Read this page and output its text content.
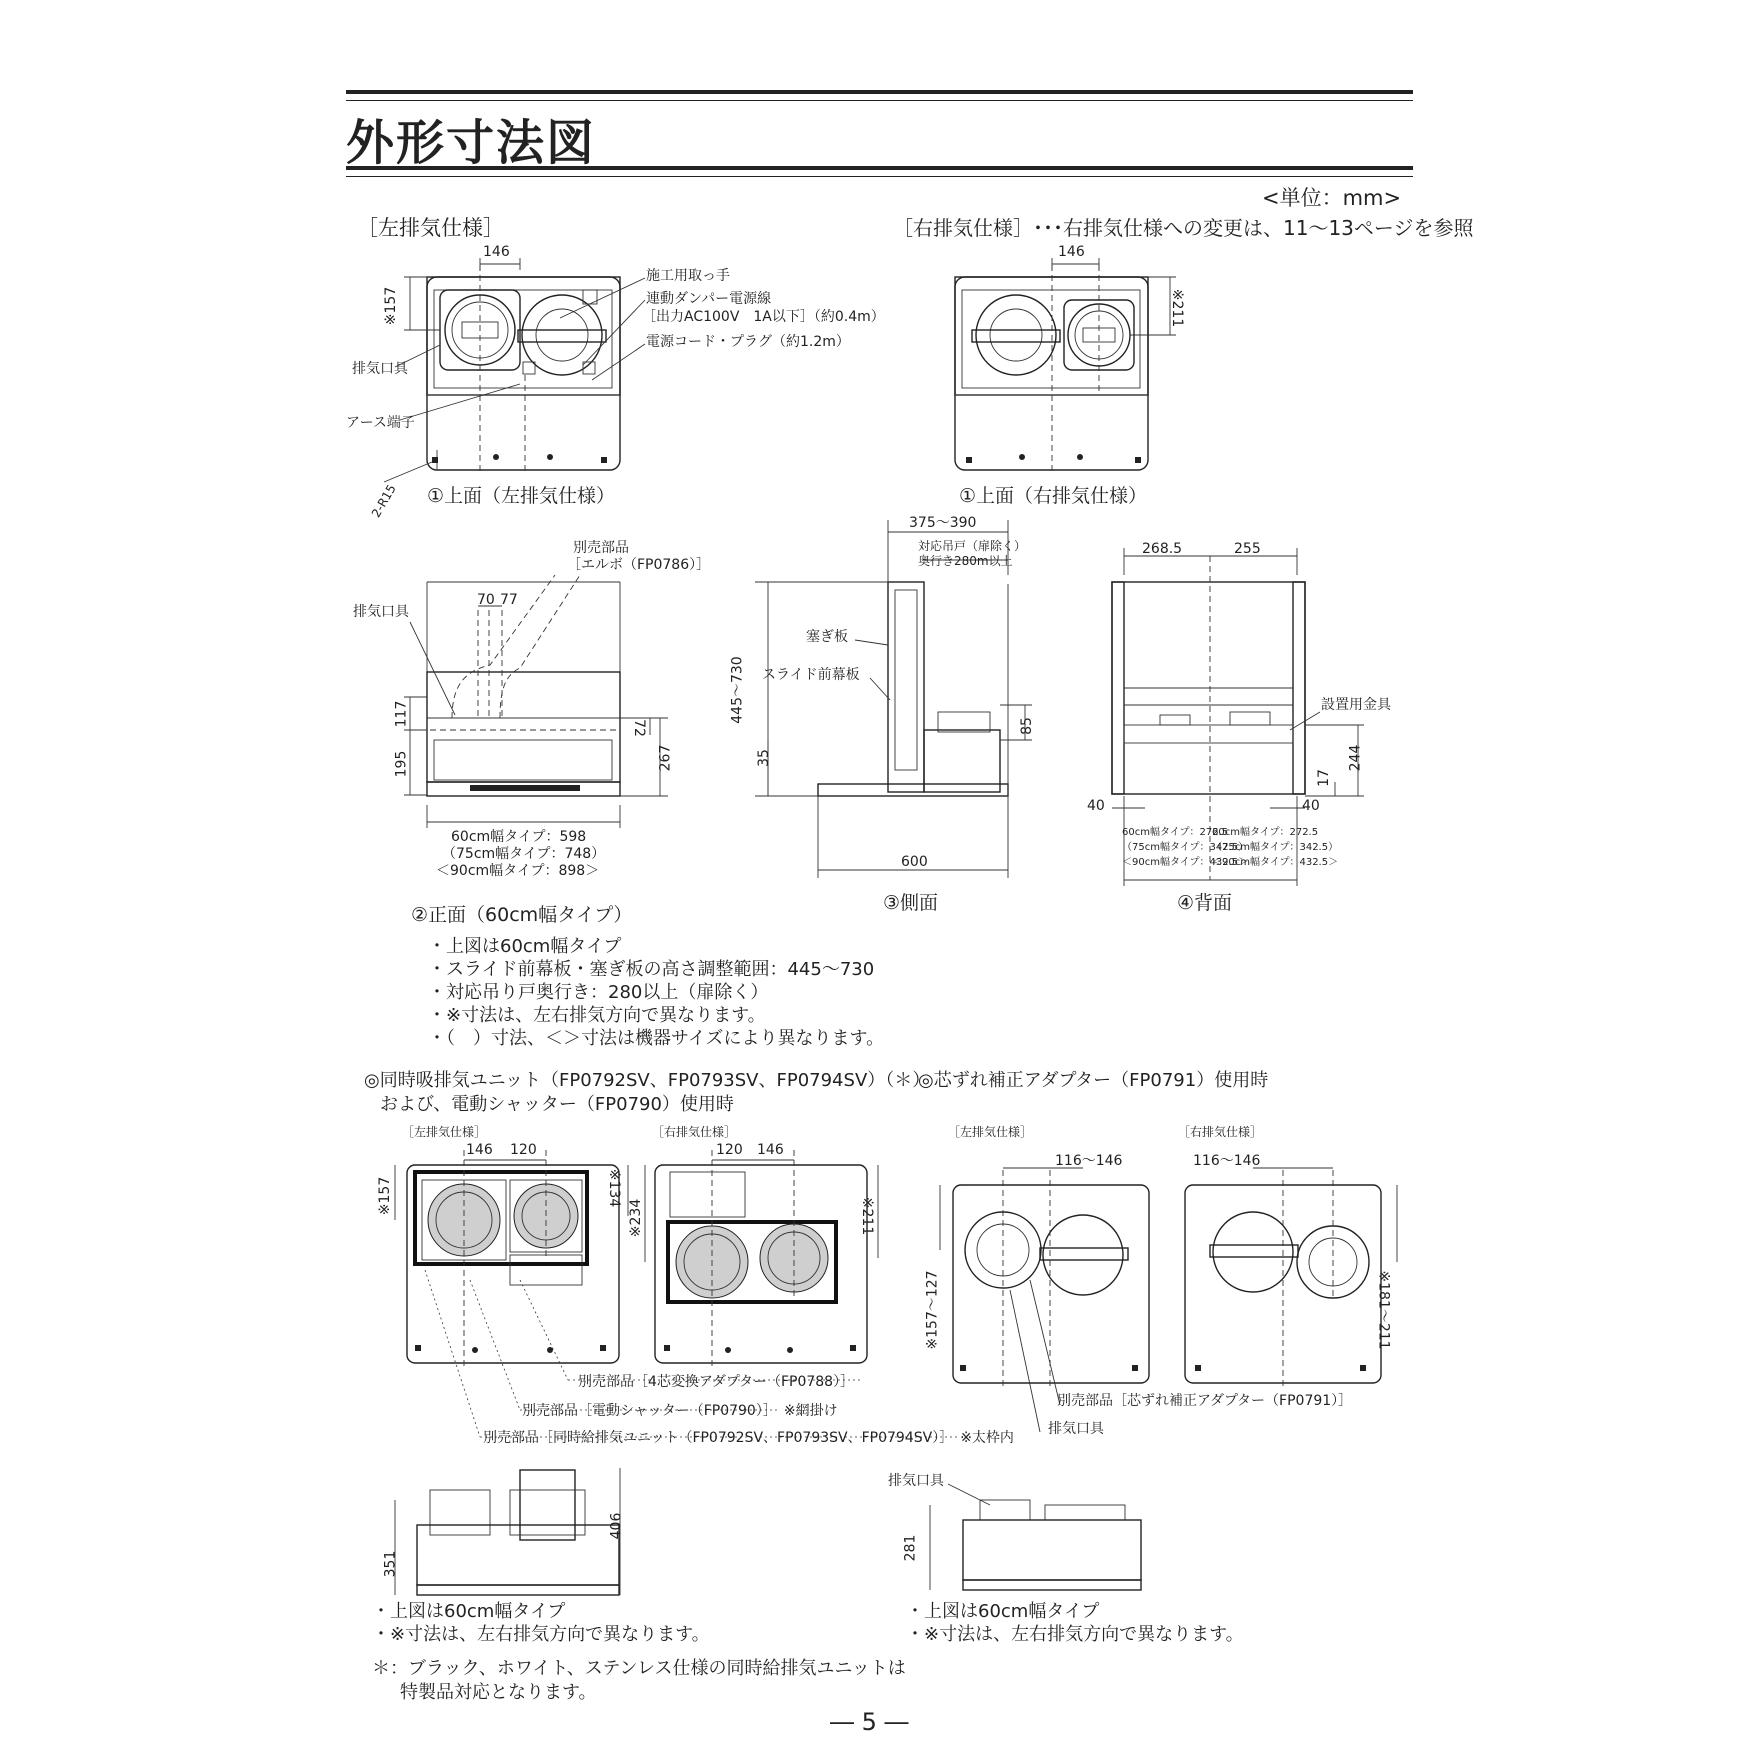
外形寸法図
<単位：mm>
［左排気仕様］	［右排気仕様］･･･右排気仕様への変更は、11～13ページを参照
146
※157
施工用取っ手
連動ダンパー電源線
［出力AC100V　1A以下］（約0.4m）
電源コード・プラグ（約1.2m）
排気口具
アース端子
2-R15 ①上面（左排気仕様）
146
※211
①上面（右排気仕様）
別売部品
［エルボ（FP0786）］
排気口具
70 77
117
195
72
267
60cm幅タイプ：598
（75cm幅タイプ：748）
＜90cm幅タイプ：898＞
②正面（60cm幅タイプ）
375～390
対応吊戸（扉除く）
奥行き280m以上
塞ぎ板
スライド前幕板
445～730
35
85
600
③側面
268.5	255
設置用金具
244
17
40	40
60cm幅タイプ：272.5
（75cm幅タイプ：342.5）
＜90cm幅タイプ：432.5＞
60cm幅タイプ：272.5
（75cm幅タイプ：342.5）
＜90cm幅タイプ：432.5＞
④背面
・上図は60cm幅タイプ
・スライド前幕板・塞ぎ板の高さ調整範囲：445～730
・対応吊り戸奥行き：280以上（扉除く）
・※寸法は、左右排気方向で異なります。
・（　）寸法、＜＞寸法は機器サイズにより異なります。
◎同時吸排気ユニット（FP0792SV、FP0793SV、FP0794SV）（＊）
および、電動シャッター（FP0790）使用時
［左排気仕様］	［右排気仕様］
146 120
※157	※134
120 146
※234	※211
別売部品［4芯変換アダプター（FP0788）］
別売部品［電動シャッター（FP0790）］　※網掛け
別売部品［同時給排気ユニット（FP0792SV、FP0793SV、FP0794SV）］　※太枠内
351
406
・上図は60cm幅タイプ
・※寸法は、左右排気方向で異なります。
＊：ブラック、ホワイト、ステンレス仕様の同時給排気ユニットは
特製品対応となります。
◎芯ずれ補正アダプター（FP0791）使用時
［左排気仕様］	［右排気仕様］
116～146	116～146
※157～127	※181～211
別売部品［芯ずれ補正アダプター（FP0791）］
排気口具
排気口具
281
・上図は60cm幅タイプ
・※寸法は、左右排気方向で異なります。
― 5 ―
